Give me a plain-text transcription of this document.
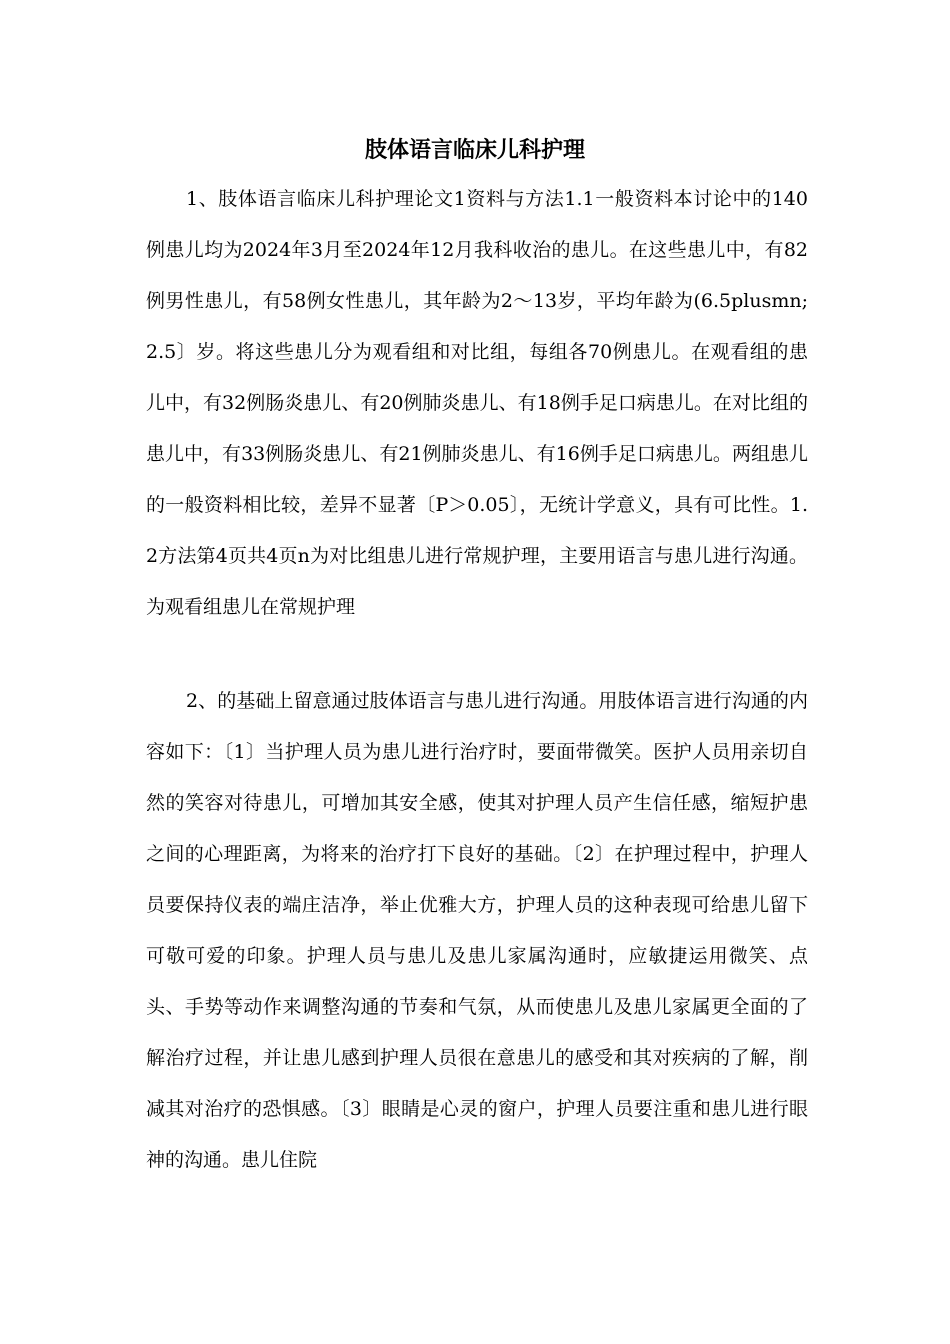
肢体语言临床儿科护理

1、肢体语言临床儿科护理论文1资料与方法1.1一般资料本讨论中的140例患儿均为2024年3月至2024年12月我科收治的患儿。在这些患儿中，有82例男性患儿，有58例女性患儿，其年龄为2～13岁，平均年龄为(6.5plusmn;2.5〕岁。将这些患儿分为观看组和对比组，每组各70例患儿。在观看组的患儿中，有32例肠炎患儿、有20例肺炎患儿、有18例手足口病患儿。在对比组的患儿中，有33例肠炎患儿、有21例肺炎患儿、有16例手足口病患儿。两组患儿的一般资料相比较，差异不显著〔P＞0.05〕，无统计学意义，具有可比性。1.2方法第4页共4页n为对比组患儿进行常规护理，主要用语言与患儿进行沟通。为观看组患儿在常规护理

2、的基础上留意通过肢体语言与患儿进行沟通。用肢体语言进行沟通的内容如下：〔1〕当护理人员为患儿进行治疗时，要面带微笑。医护人员用亲切自然的笑容对待患儿，可增加其安全感，使其对护理人员产生信任感，缩短护患之间的心理距离，为将来的治疗打下良好的基础。〔2〕在护理过程中，护理人员要保持仪表的端庄洁净，举止优雅大方，护理人员的这种表现可给患儿留下可敬可爱的印象。护理人员与患儿及患儿家属沟通时，应敏捷运用微笑、点头、手势等动作来调整沟通的节奏和气氛，从而使患儿及患儿家属更全面的了解治疗过程，并让患儿感到护理人员很在意患儿的感受和其对疾病的了解，削减其对治疗的恐惧感。〔3〕眼睛是心灵的窗户，护理人员要注重和患儿进行眼神的沟通。患儿住院
